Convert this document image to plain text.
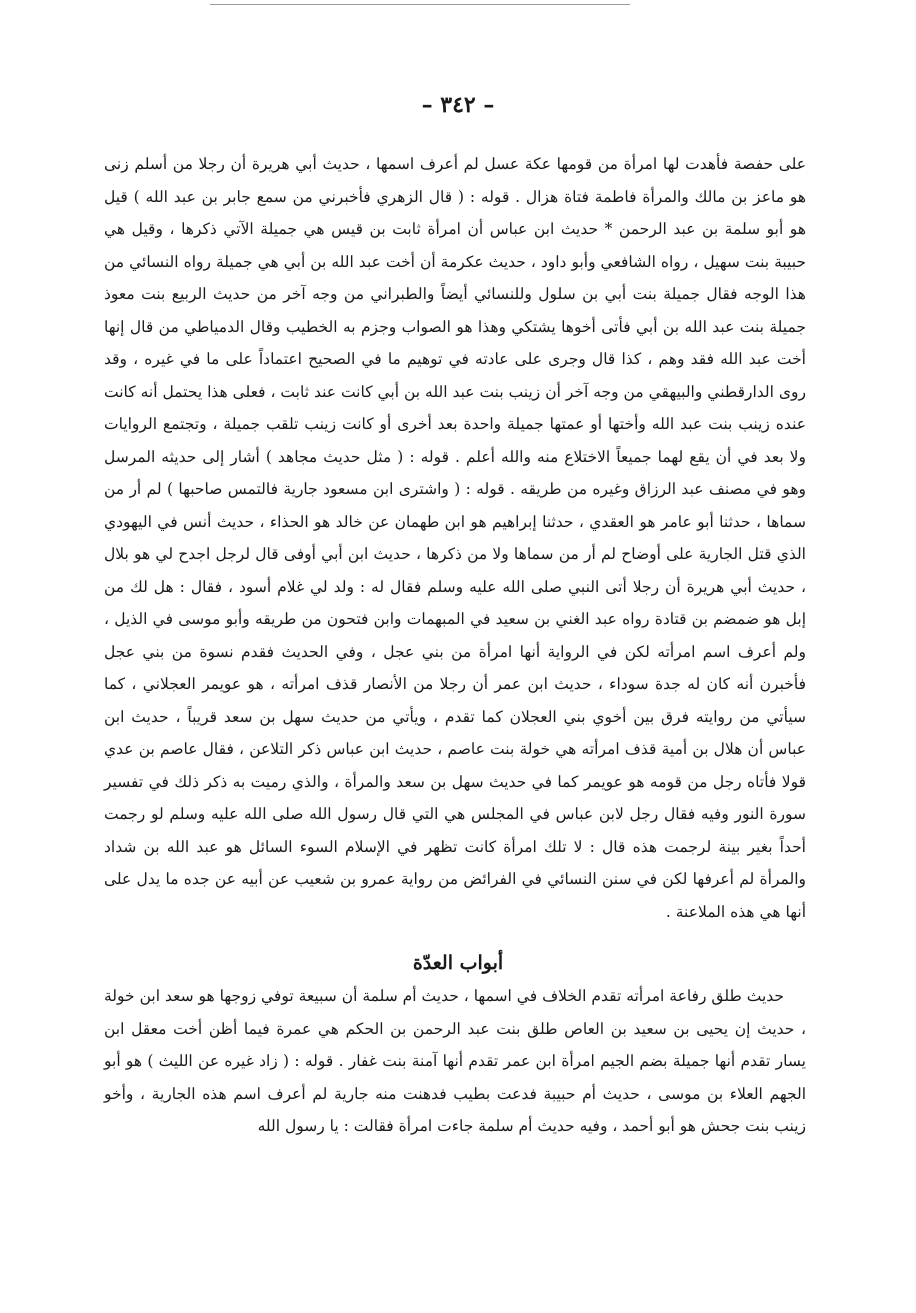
– ٣٤٢ –

على حفصة فأهدت لها امرأة من قومها عكة عسل لم أعرف اسمها ، حديث أبي هريرة أن رجلا من أسلم زنى هو ماعز بن مالك والمرأة فاطمة فتاة هزال . قوله : ( قال الزهري فأخبرني من سمع جابر بن عبد الله ) قيل هو أبو سلمة بن عبد الرحمن * حديث ابن عباس أن امرأة ثابت بن قيس هي جميلة الآتي ذكرها ، وقيل هي حبيبة بنت سهيل ، رواه الشافعي وأبو داود ، حديث عكرمة أن أخت عبد الله بن أبي هي جميلة رواه النسائي من هذا الوجه فقال جميلة بنت أبي بن سلول وللنسائي أيضاً والطبراني من وجه آخر من حديث الربيع بنت معوذ جميلة بنت عبد الله بن أبي فأتى أخوها يشتكي وهذا هو الصواب وجزم به الخطيب وقال الدمياطي من قال إنها أخت عبد الله فقد وهم ، كذا قال وجرى على عادته في توهيم ما في الصحيح اعتماداً على ما في غيره ، وقد روى الدارقطني والبيهقي من وجه آخر أن زينب بنت عبد الله بن أبي كانت عند ثابت ، فعلى هذا يحتمل أنه كانت عنده زينب بنت عبد الله وأختها أو عمتها جميلة واحدة بعد أخرى أو كانت زينب تلقب جميلة ، وتجتمع الروايات ولا بعد في أن يقع لهما جميعاً الاختلاع منه والله أعلم . قوله : ( مثل حديث مجاهد ) أشار إلى حديثه المرسل وهو في مصنف عبد الرزاق وغيره من طريقه . قوله : ( واشترى ابن مسعود جارية فالتمس صاحبها ) لم أر من سماها ، حدثنا أبو عامر هو العقدي ، حدثنا إبراهيم هو ابن طهمان عن خالد هو الحذاء ، حديث أنس في اليهودي الذي قتل الجارية على أوضاح لم أر من سماها ولا من ذكرها ، حديث ابن أبي أوفى قال لرجل اجدح لي هو بلال ، حديث أبي هريرة أن رجلا أتى النبي صلى الله عليه وسلم فقال له : ولد لي غلام أسود ، فقال : هل لك من إبل هو ضمضم بن قتادة رواه عبد الغني بن سعيد في المبهمات وابن فتحون من طريقه وأبو موسى في الذيل ، ولم أعرف اسم امرأته لكن في الرواية أنها امرأة من بني عجل ، وفي الحديث فقدم نسوة من بني عجل فأخبرن أنه كان له جدة سوداء ، حديث ابن عمر أن رجلا من الأنصار قذف امرأته ، هو عويمر العجلاني ، كما سيأتي من روايته فرق بين أخوي بني العجلان كما تقدم ، ويأتي من حديث سهل بن سعد قريباً ، حديث ابن عباس أن هلال بن أمية قذف امرأته هي خولة بنت عاصم ، حديث ابن عباس ذكر التلاعن ، فقال عاصم بن عدي قولا فأتاه رجل من قومه هو عويمر كما في حديث سهل بن سعد والمرأة ، والذي رميت به ذكر ذلك في تفسير سورة النور وفيه فقال رجل لابن عباس في المجلس هي التي قال رسول الله صلى الله عليه وسلم لو رجمت أحداً بغير بينة لرجمت هذه قال : لا تلك امرأة كانت تظهر في الإسلام السوء السائل هو عبد الله بن شداد والمرأة لم أعرفها لكن في سنن النسائي في الفرائض من رواية عمرو بن شعيب عن أبيه عن جده ما يدل على أنها هي هذه الملاعنة .

أبواب العدّة

حديث طلق رفاعة امرأته تقدم الخلاف في اسمها ، حديث أم سلمة أن سبيعة توفي زوجها هو سعد ابن خولة ، حديث إن يحيى بن سعيد بن العاص طلق بنت عبد الرحمن بن الحكم هي عمرة فيما أظن أخت معقل ابن يسار تقدم أنها جميلة بضم الجيم امرأة ابن عمر تقدم أنها آمنة بنت غفار . قوله : ( زاد غيره عن الليث ) هو أبو الجهم العلاء بن موسى ، حديث أم حبيبة فدعت بطيب فدهنت منه جارية لم أعرف اسم هذه الجارية ، وأخو زينب بنت جحش هو أبو أحمد ، وفيه حديث أم سلمة جاءت امرأة فقالت : يا رسول الله
